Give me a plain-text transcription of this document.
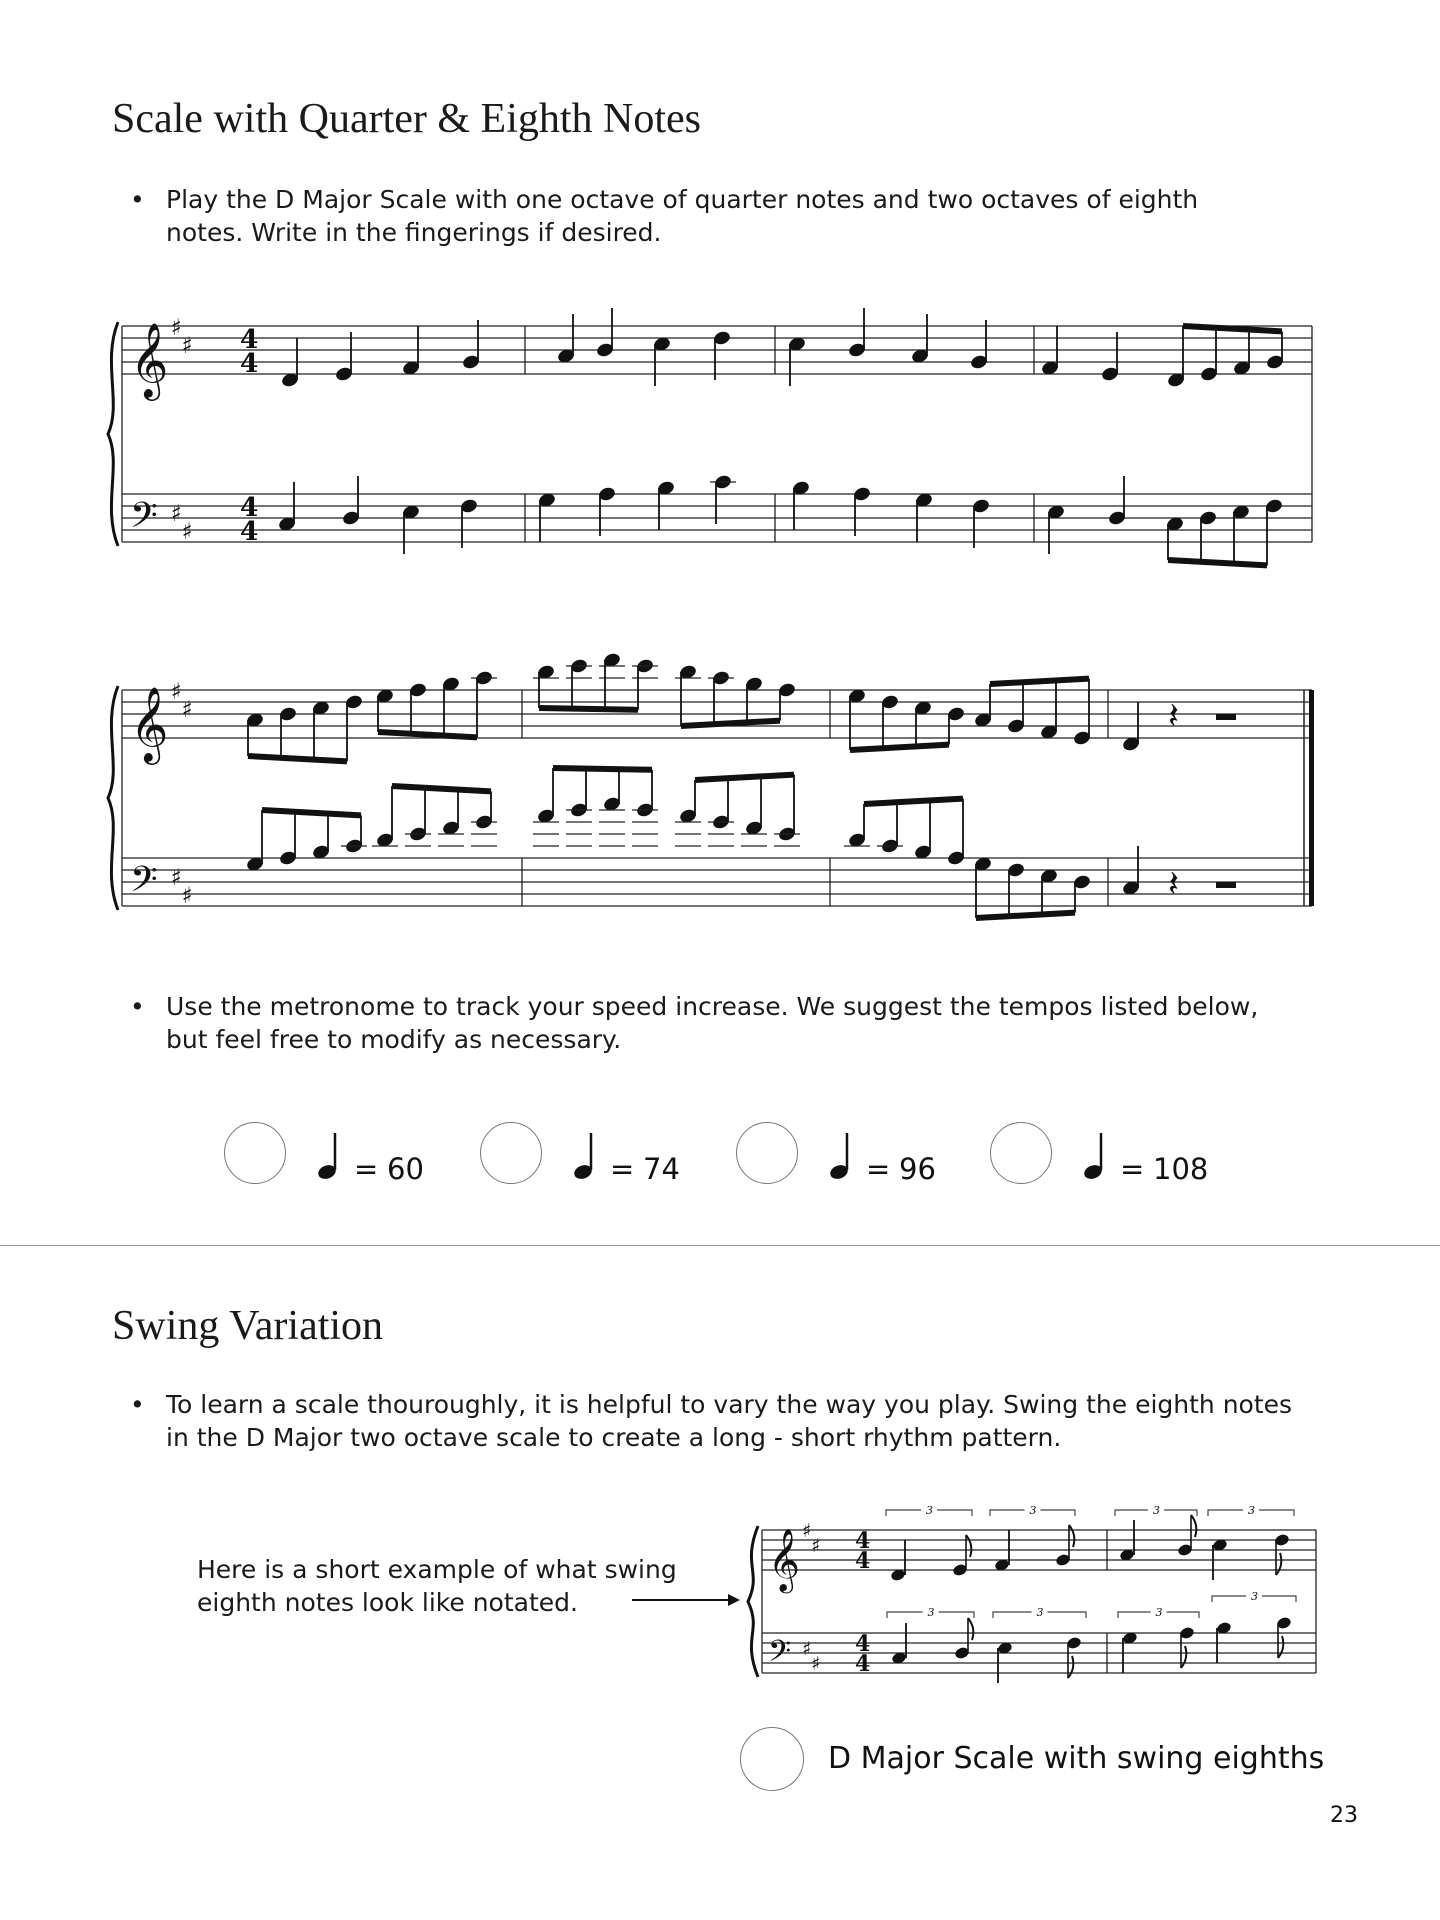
Scale with Quarter & Eighth Notes
• Play the D Major Scale with one octave of quarter notes and two octaves of eighth
notes. Write in the fingerings if desired.
𝄞 ♯
♯ 4
4
𝄢 ♯
♯
4
4
𝄞 ♯
♯
𝄢 ♯
♯
𝄽
𝄽
𝄞 ♯
♯ 4
4
𝄢 ♯
♯
4
4
3	3	3	3
3	3	3
3
• Use the metronome to track your speed increase. We suggest the tempos listed below,
but feel free to modify as necessary.
= 60	= 74	= 96	= 108
Swing Variation
• To learn a scale thouroughly, it is helpful to vary the way you play. Swing the eighth notes
in the D Major two octave scale to create a long - short rhythm pattern.
Here is a short example of what swing
eighth notes look like notated.
D Major Scale with swing eighths
23
